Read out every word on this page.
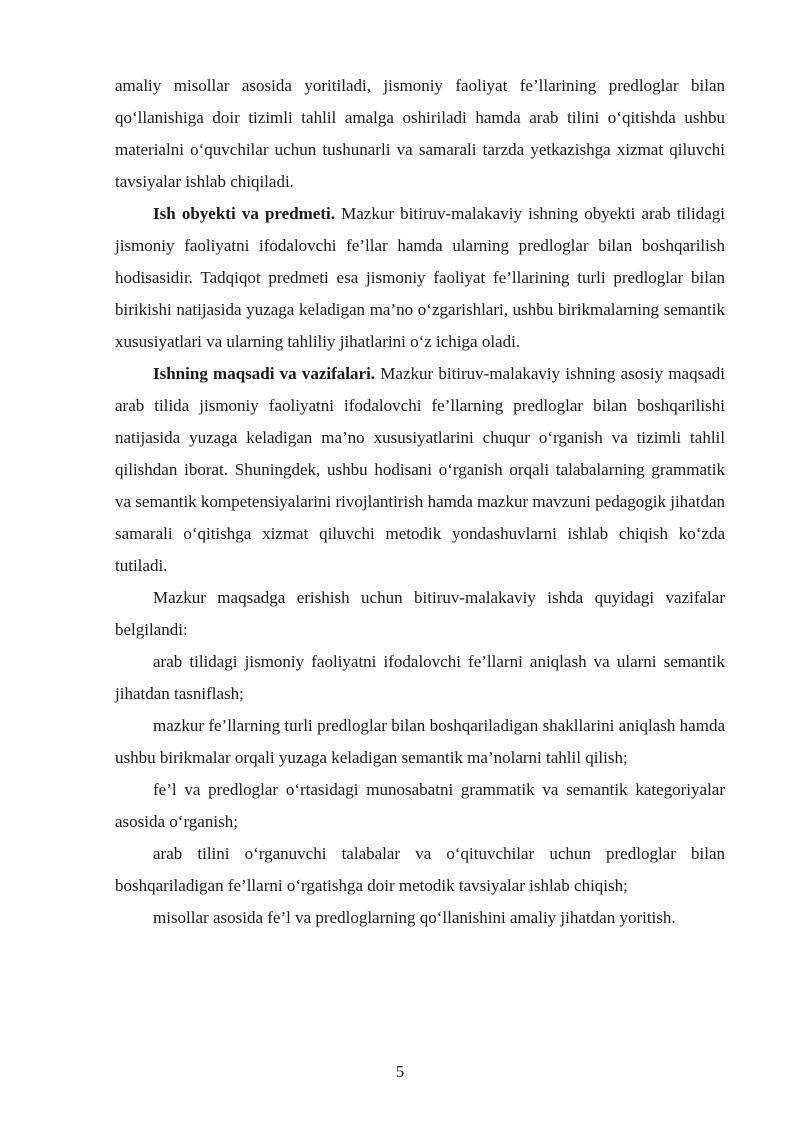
amaliy misollar asosida yoritiladi, jismoniy faoliyat fe’llarining predloglar bilan qo‘llanishiga doir tizimli tahlil amalga oshiriladi hamda arab tilini o‘qitishda ushbu materialni o‘quvchilar uchun tushunarli va samarali tarzda yetkazishga xizmat qiluvchi tavsiyalar ishlab chiqiladi.

Ish obyekti va predmeti. Mazkur bitiruv-malakaviy ishning obyekti arab tilidagi jismoniy faoliyatni ifodalovchi fe’llar hamda ularning predloglar bilan boshqarilish hodisasidir. Tadqiqot predmeti esa jismoniy faoliyat fe’llarining turli predloglar bilan birikishi natijasida yuzaga keladigan ma’no o‘zgarishlari, ushbu birikmalarning semantik xususiyatlari va ularning tahliliy jihatlarini o‘z ichiga oladi.

Ishning maqsadi va vazifalari. Mazkur bitiruv-malakaviy ishning asosiy maqsadi arab tilida jismoniy faoliyatni ifodalovchi fe’llarning predloglar bilan boshqarilishi natijasida yuzaga keladigan ma’no xususiyatlarini chuqur o‘rganish va tizimli tahlil qilishdan iborat. Shuningdek, ushbu hodisani o‘rganish orqali talabalarning grammatik va semantik kompetensiyalarini rivojlantirish hamda mazkur mavzuni pedagogik jihatdan samarali o‘qitishga xizmat qiluvchi metodik yondashuvlarni ishlab chiqish ko‘zda tutiladi.

Mazkur maqsadga erishish uchun bitiruv-malakaviy ishda quyidagi vazifalar belgilandi:

arab tilidagi jismoniy faoliyatni ifodalovchi fe’llarni aniqlash va ularni semantik jihatdan tasniflash;

mazkur fe’llarning turli predloglar bilan boshqariladigan shakllarini aniqlash hamda ushbu birikmalar orqali yuzaga keladigan semantik ma’nolarni tahlil qilish;

fe’l va predloglar o‘rtasidagi munosabatni grammatik va semantik kategoriyalar asosida o‘rganish;

arab tilini o‘rganuvchi talabalar va o‘qituvchilar uchun predloglar bilan boshqariladigan fe’llarni o‘rgatishga doir metodik tavsiyalar ishlab chiqish;

misollar asosida fe’l va predloglarning qo‘llanishini amaliy jihatdan yoritish.

5
